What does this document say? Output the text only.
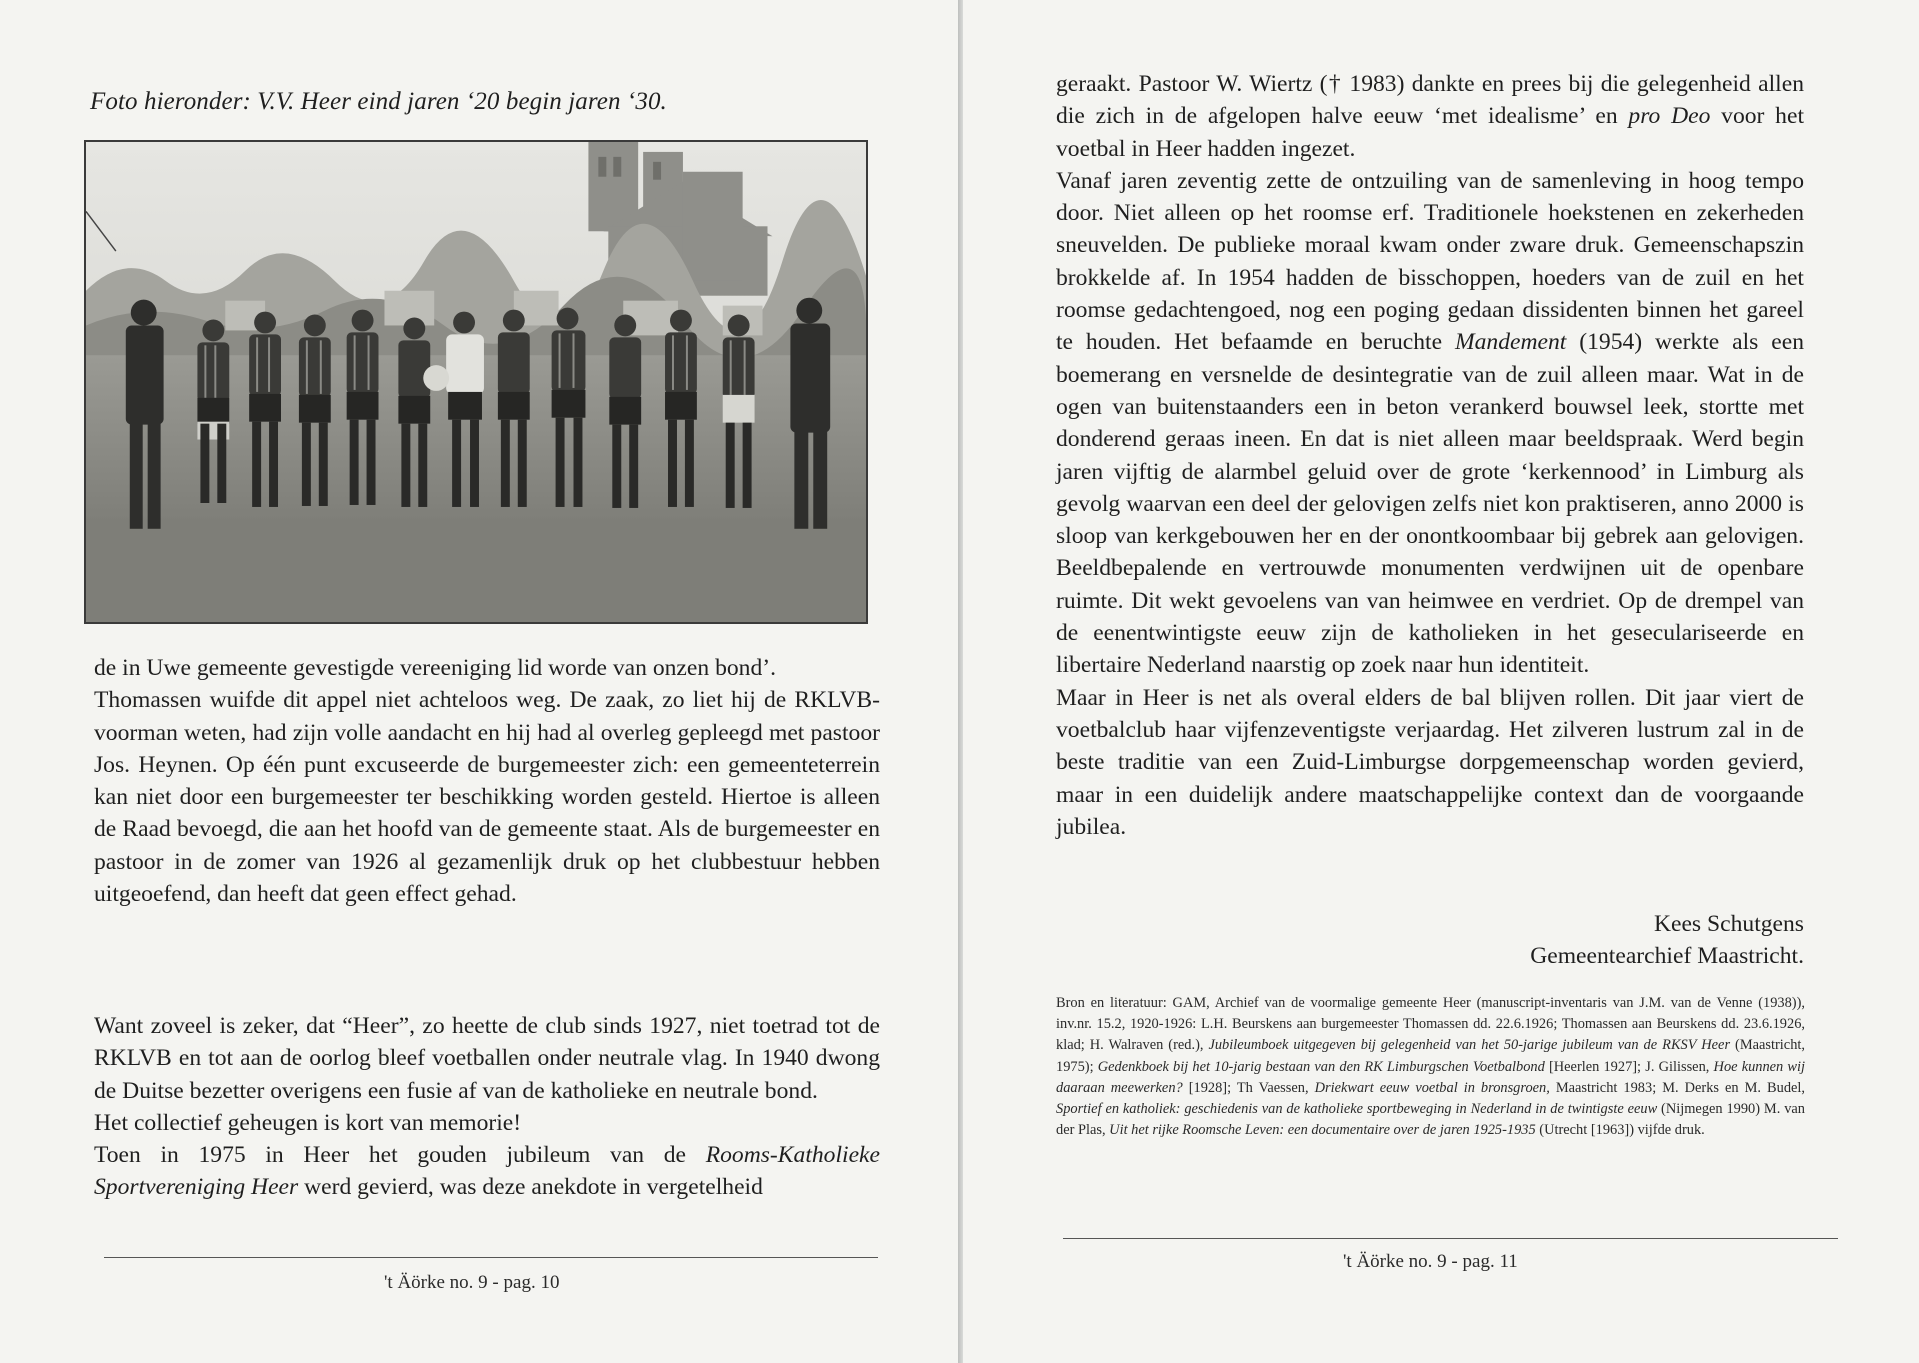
Foto hieronder: V.V. Heer eind jaren ‘20 begin jaren ‘30.

de in Uwe gemeente gevestigde vereeniging lid worde van onzen bond’.

Thomassen wuifde dit appel niet achteloos weg. De zaak, zo liet hij de RKLVB-voorman weten, had zijn volle aandacht en hij had al overleg gepleegd met pastoor Jos. Heynen. Op één punt excuseerde de burgemeester zich: een gemeenteterrein kan niet door een burgemeester ter beschikking worden gesteld. Hiertoe is alleen de Raad bevoegd, die aan het hoofd van de gemeente staat. Als de burgemeester en pastoor in de zomer van 1926 al gezamenlijk druk op het clubbestuur hebben uitgeoefend, dan heeft dat geen effect gehad.

Want zoveel is zeker, dat “Heer”, zo heette de club sinds 1927, niet toetrad tot de RKLVB en tot aan de oorlog bleef voetballen onder neutrale vlag. In 1940 dwong de Duitse bezetter overigens een fusie af van de katholieke en neutrale bond.

Het collectief geheugen is kort van memorie!

Toen in 1975 in Heer het gouden jubileum van de Rooms-Katholieke Sportvereniging Heer werd gevierd, was deze anekdote in vergetelheid

't Äörke no. 9 - pag. 10

geraakt. Pastoor W. Wiertz († 1983) dankte en prees bij die gelegenheid allen die zich in de afgelopen halve eeuw ‘met idealisme’ en pro Deo voor het voetbal in Heer hadden ingezet.

Vanaf jaren zeventig zette de ontzuiling van de samenleving in hoog tempo door. Niet alleen op het roomse erf. Traditionele hoekstenen en zekerheden sneuvelden. De publieke moraal kwam onder zware druk. Gemeenschapszin brokkelde af. In 1954 hadden de bisschoppen, hoeders van de zuil en het roomse gedachtengoed, nog een poging gedaan dissidenten binnen het gareel te houden. Het befaamde en beruchte Mandement (1954) werkte als een boemerang en versnelde de desintegratie van de zuil alleen maar. Wat in de ogen van buitenstaanders een in beton verankerd bouwsel leek, stortte met donderend geraas ineen. En dat is niet alleen maar beeldspraak. Werd begin jaren vijftig de alarmbel geluid over de grote ‘kerkennood’ in Limburg als gevolg waarvan een deel der gelovigen zelfs niet kon praktiseren, anno 2000 is sloop van kerkgebouwen her en der onontkoombaar bij gebrek aan gelovigen. Beeldbepalende en vertrouwde monumenten verdwijnen uit de openbare ruimte. Dit wekt gevoelens van van heimwee en verdriet. Op de drempel van de eenentwintigste eeuw zijn de katholieken in het geseculariseerde en libertaire Nederland naarstig op zoek naar hun identiteit.

Maar in Heer is net als overal elders de bal blijven rollen. Dit jaar viert de voetbalclub haar vijfenzeventigste verjaardag. Het zilveren lustrum zal in de beste traditie van een Zuid-Limburgse dorpgemeenschap worden gevierd, maar in een duidelijk andere maatschappelijke context dan de voorgaande jubilea.

Kees Schutgens
Gemeentearchief Maastricht.
Bron en literatuur: GAM, Archief van de voormalige gemeente Heer (manuscript-inventaris van J.M. van de Venne (1938)), inv.nr. 15.2, 1920-1926: L.H. Beurskens aan burgemeester Thomassen dd. 22.6.1926; Thomassen aan Beurskens dd. 23.6.1926, klad; H. Walraven (red.), Jubileumboek uitgegeven bij gelegenheid van het 50-jarige jubileum van de RKSV Heer (Maastricht, 1975); Gedenkboek bij het 10-jarig bestaan van den RK Limburgschen Voetbalbond [Heerlen 1927]; J. Gilissen, Hoe kunnen wij daaraan meewerken? [1928]; Th Vaessen, Driekwart eeuw voetbal in bronsgroen, Maastricht 1983; M. Derks en M. Budel, Sportief en katholiek: geschiedenis van de katholieke sportbeweging in Nederland in de twintigste eeuw (Nijmegen 1990) M. van der Plas, Uit het rijke Roomsche Leven: een documentaire over de jaren 1925-1935 (Utrecht [1963]) vijfde druk.
't Äörke no. 9 - pag. 11
